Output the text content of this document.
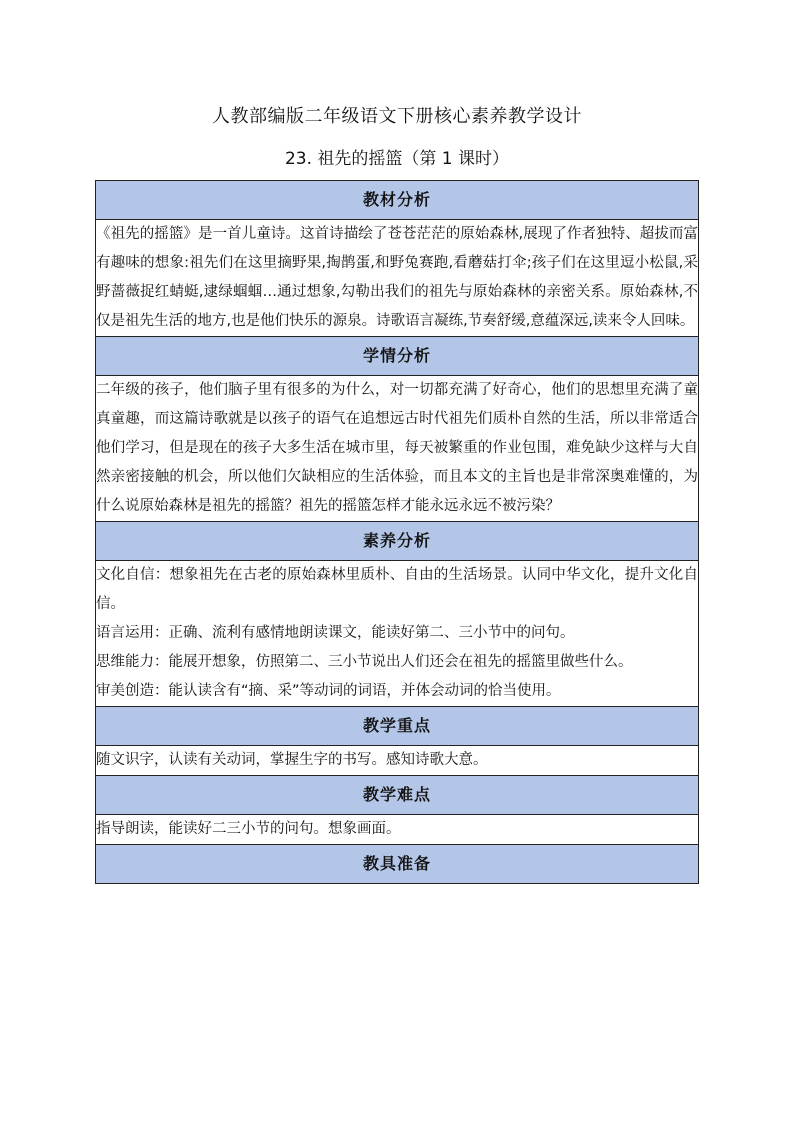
人教部编版二年级语文下册核心素养教学设计
23. 祖先的摇篮（第 1 课时）
教材分析

《祖先的摇篮》是一首儿童诗。这首诗描绘了苍苍茫茫的原始森林,展现了作者独特、超拔而富有趣味的想象:祖先们在这里摘野果,掏鹊蛋,和野兔赛跑,看蘑菇打伞;孩子们在这里逗小松鼠,采野蔷薇捉红蜻蜓,逮绿蝈蝈…通过想象,勾勒出我们的祖先与原始森林的亲密关系。原始森林,不仅是祖先生活的地方,也是他们快乐的源泉。诗歌语言凝练,节奏舒缓,意蕴深远,读来令人回味。

学情分析

二年级的孩子，他们脑子里有很多的为什么，对一切都充满了好奇心，他们的思想里充满了童真童趣，而这篇诗歌就是以孩子的语气在追想远古时代祖先们质朴自然的生活，所以非常适合他们学习，但是现在的孩子大多生活在城市里，每天被繁重的作业包围，难免缺少这样与大自然亲密接触的机会，所以他们欠缺相应的生活体验，而且本文的主旨也是非常深奥难懂的，为什么说原始森林是祖先的摇篮？祖先的摇篮怎样才能永远永远不被污染？

素养分析

文化自信：想象祖先在古老的原始森林里质朴、自由的生活场景。认同中华文化，提升文化自信。

语言运用：正确、流利有感情地朗读课文，能读好第二、三小节中的问句。

思维能力：能展开想象，仿照第二、三小节说出人们还会在祖先的摇篮里做些什么。

审美创造：能认读含有“摘、采”等动词的词语，并体会动词的恰当使用。

教学重点

随文识字，认读有关动词，掌握生字的书写。感知诗歌大意。

教学难点

指导朗读，能读好二三小节的问句。想象画面。

教具准备
